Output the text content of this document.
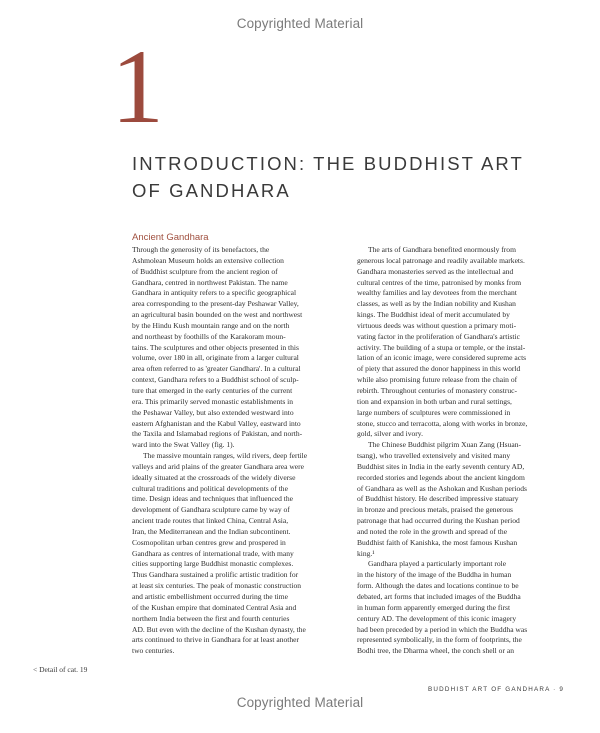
Copyrighted Material
1
INTRODUCTION: THE BUDDHIST ART
OF GANDHARA
Ancient Gandhara
Through the generosity of its benefactors, the
Ashmolean Museum holds an extensive collection
of Buddhist sculpture from the ancient region of
Gandhara, centred in northwest Pakistan. The name
Gandhara in antiquity refers to a specific geographical
area corresponding to the present-day Peshawar Valley,
an agricultural basin bounded on the west and northwest
by the Hindu Kush mountain range and on the north
and northeast by foothills of the Karakoram moun-
tains. The sculptures and other objects presented in this
volume, over 180 in all, originate from a larger cultural
area often referred to as 'greater Gandhara'. In a cultural
context, Gandhara refers to a Buddhist school of sculp-
ture that emerged in the early centuries of the current
era. This primarily served monastic establishments in
the Peshawar Valley, but also extended westward into
eastern Afghanistan and the Kabul Valley, eastward into
the Taxila and Islamabad regions of Pakistan, and north-
ward into the Swat Valley (fig. 1).
The massive mountain ranges, wild rivers, deep fertile
valleys and arid plains of the greater Gandhara area were
ideally situated at the crossroads of the widely diverse
cultural traditions and political developments of the
time. Design ideas and techniques that influenced the
development of Gandhara sculpture came by way of
ancient trade routes that linked China, Central Asia,
Iran, the Mediterranean and the Indian subcontinent.
Cosmopolitan urban centres grew and prospered in
Gandhara as centres of international trade, with many
cities supporting large Buddhist monastic complexes.
Thus Gandhara sustained a prolific artistic tradition for
at least six centuries. The peak of monastic construction
and artistic embellishment occurred during the time
of the Kushan empire that dominated Central Asia and
northern India between the first and fourth centuries
AD. But even with the decline of the Kushan dynasty, the
arts continued to thrive in Gandhara for at least another
two centuries.
The arts of Gandhara benefited enormously from
generous local patronage and readily available markets.
Gandhara monasteries served as the intellectual and
cultural centres of the time, patronised by monks from
wealthy families and lay devotees from the merchant
classes, as well as by the Indian nobility and Kushan
kings. The Buddhist ideal of merit accumulated by
virtuous deeds was without question a primary moti-
vating factor in the proliferation of Gandhara's artistic
activity. The building of a stupa or temple, or the instal-
lation of an iconic image, were considered supreme acts
of piety that assured the donor happiness in this world
while also promising future release from the chain of
rebirth. Throughout centuries of monastery construc-
tion and expansion in both urban and rural settings,
large numbers of sculptures were commissioned in
stone, stucco and terracotta, along with works in bronze,
gold, silver and ivory.
The Chinese Buddhist pilgrim Xuan Zang (Hsuan-
tsang), who travelled extensively and visited many
Buddhist sites in India in the early seventh century AD,
recorded stories and legends about the ancient kingdom
of Gandhara as well as the Ashokan and Kushan periods
of Buddhist history. He described impressive statuary
in bronze and precious metals, praised the generous
patronage that had occurred during the Kushan period
and noted the role in the growth and spread of the
Buddhist faith of Kanishka, the most famous Kushan
king.¹
Gandhara played a particularly important role
in the history of the image of the Buddha in human
form. Although the dates and locations continue to be
debated, art forms that included images of the Buddha
in human form apparently emerged during the first
century AD. The development of this iconic imagery
had been preceded by a period in which the Buddha was
represented symbolically, in the form of footprints, the
Bodhi tree, the Dharma wheel, the conch shell or an
< Detail of cat. 19
BUDDHIST ART OF GANDHARA · 9
Copyrighted Material
